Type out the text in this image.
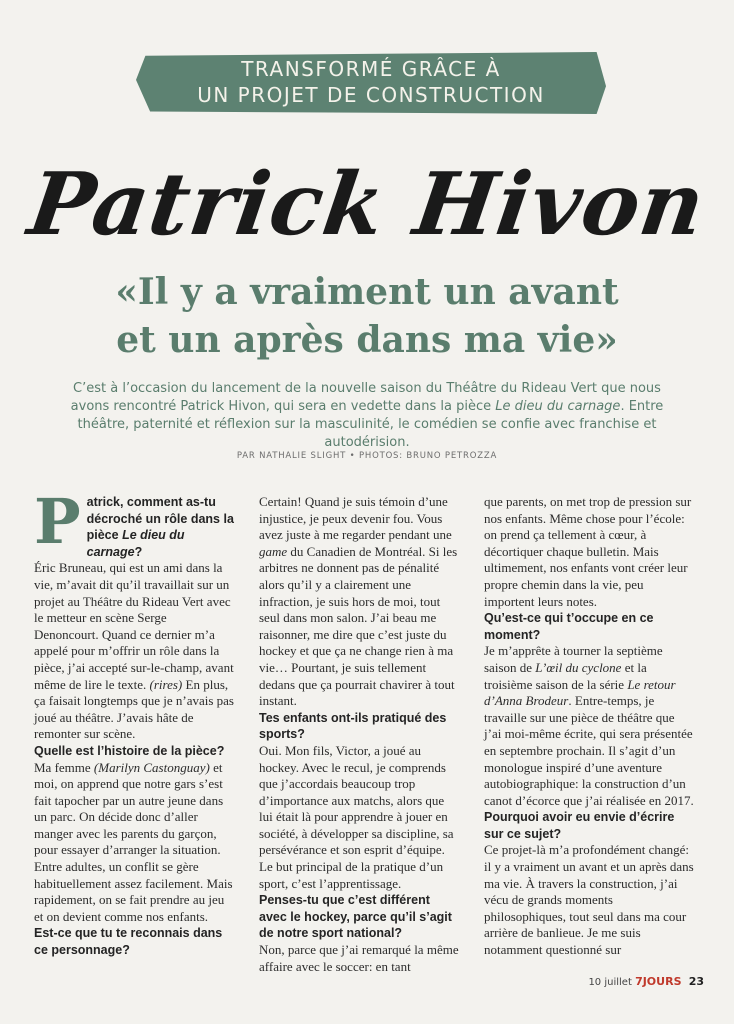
TRANSFORMÉ GRÂCE À
UN PROJET DE CONSTRUCTION
Patrick Hivon
«Il y a vraiment un avant
et un après dans ma vie»
C’est à l’occasion du lancement de la nouvelle saison du Théâtre du Rideau Vert que nous avons rencontré Patrick Hivon, qui sera en vedette dans la pièce Le dieu du carnage. Entre théâtre, paternité et réflexion sur la masculinité, le comédien se confie avec franchise et autodérision.
PAR NATHALIE SLIGHT • PHOTOS: BRUNO PETROZZA

Patrick, comment as-tu décroché un rôle dans la pièce Le dieu du carnage?

Éric Bruneau, qui est un ami dans la vie, m’avait dit qu’il travaillait sur un projet au Théâtre du Rideau Vert avec le metteur en scène Serge Denoncourt. Quand ce dernier m’a appelé pour m’offrir un rôle dans la pièce, j’ai accepté sur-le-champ, avant même de lire le texte. (rires) En plus, ça faisait longtemps que je n’avais pas joué au théâtre. J’avais hâte de remonter sur scène.

Quelle est l’histoire de la pièce?

Ma femme (Marilyn Castonguay) et moi, on apprend que notre gars s’est fait tapocher par un autre jeune dans un parc. On décide donc d’aller manger avec les parents du garçon, pour essayer d’arranger la situation. Entre adultes, un conflit se gère habituellement assez facilement. Mais rapidement, on se fait prendre au jeu et on devient comme nos enfants.

Est-ce que tu te reconnais dans ce personnage?

Certain! Quand je suis témoin d’une injustice, je peux devenir fou. Vous avez juste à me regarder pendant une game du Canadien de Montréal. Si les arbitres ne donnent pas de pénalité alors qu’il y a clairement une infraction, je suis hors de moi, tout seul dans mon salon. J’ai beau me raisonner, me dire que c’est juste du hockey et que ça ne change rien à ma vie… Pourtant, je suis tellement dedans que ça pourrait chavirer à tout instant.

Tes enfants ont-ils pratiqué des sports?

Oui. Mon fils, Victor, a joué au hockey. Avec le recul, je comprends que j’accordais beaucoup trop d’importance aux matchs, alors que lui était là pour apprendre à jouer en société, à développer sa discipline, sa persévérance et son esprit d’équipe. Le but principal de la pratique d’un sport, c’est l’apprentissage.

Penses-tu que c’est différent avec le hockey, parce qu’il s’agit de notre sport national?

Non, parce que j’ai remarqué la même affaire avec le soccer: en tant

que parents, on met trop de pression sur nos enfants. Même chose pour l’école: on prend ça tellement à cœur, à décortiquer chaque bulletin. Mais ultimement, nos enfants vont créer leur propre chemin dans la vie, peu importent leurs notes.

Qu’est-ce qui t’occupe en ce moment?

Je m’apprête à tourner la septième saison de L’œil du cyclone et la troisième saison de la série Le retour d’Anna Brodeur. Entre-temps, je travaille sur une pièce de théâtre que j’ai moi-même écrite, qui sera présentée en septembre prochain. Il s’agit d’un monologue inspiré d’une aventure autobiographique: la construction d’un canot d’écorce que j’ai réalisée en 2017.

Pourquoi avoir eu envie d’écrire sur ce sujet?

Ce projet-là m’a profondément changé: il y a vraiment un avant et un après dans ma vie. À travers la construction, j’ai vécu de grands moments philosophiques, tout seul dans ma cour arrière de banlieue. Je me suis notamment questionné sur

10 juillet 7JOURS 23
